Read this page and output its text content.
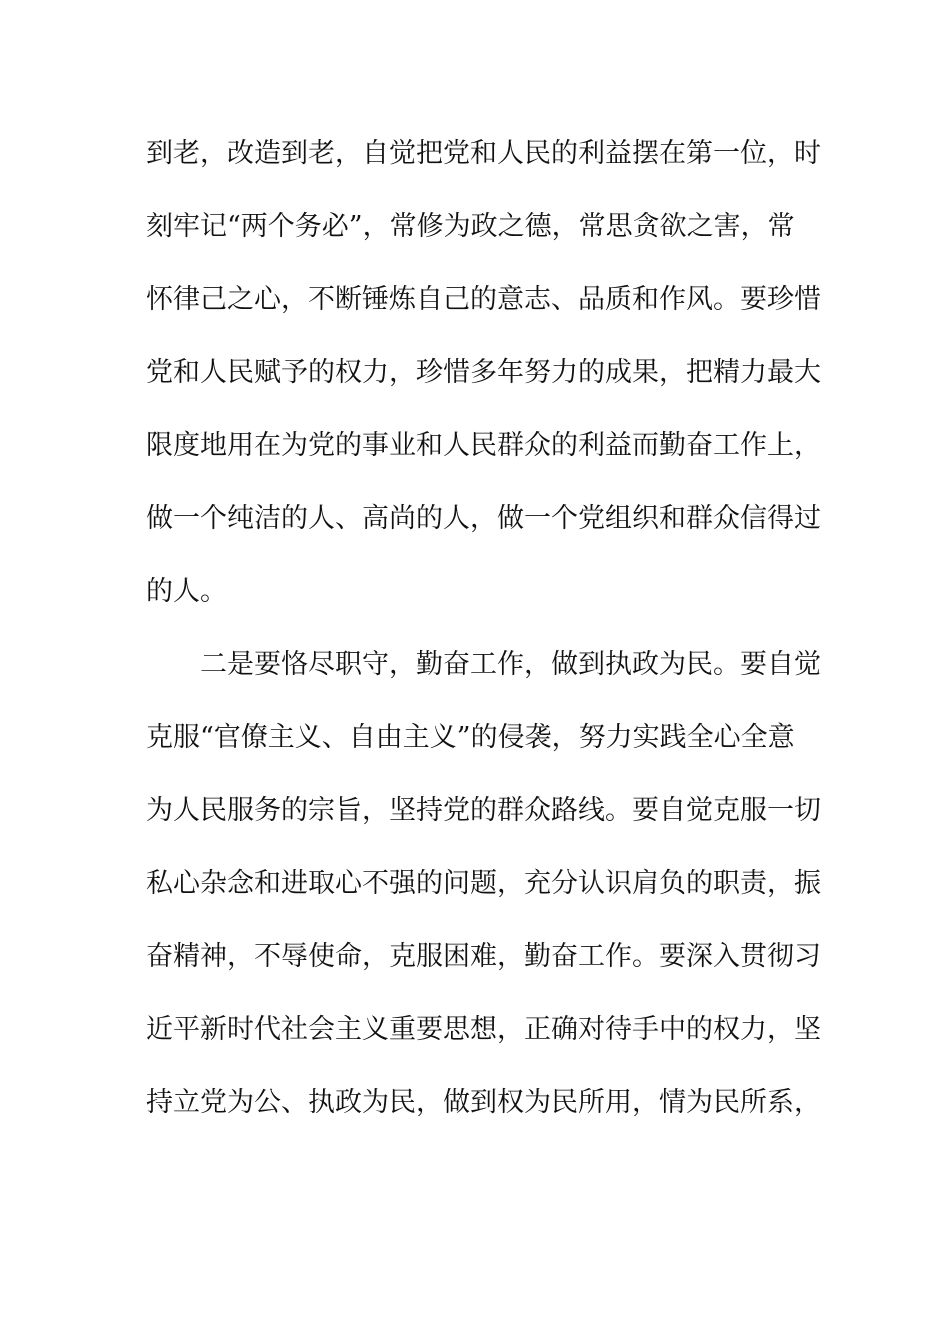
到老，改造到老，自觉把党和人民的利益摆在第一位，时
刻牢记“两个务必”，常修为政之德，常思贪欲之害，常
怀律己之心，不断锤炼自己的意志、品质和作风。要珍惜
党和人民赋予的权力，珍惜多年努力的成果，把精力最大
限度地用在为党的事业和人民群众的利益而勤奋工作上，
做一个纯洁的人、高尚的人，做一个党组织和群众信得过
的人。
二是要恪尽职守，勤奋工作，做到执政为民。要自觉
克服“官僚主义、自由主义”的侵袭，努力实践全心全意
为人民服务的宗旨，坚持党的群众路线。要自觉克服一切
私心杂念和进取心不强的问题，充分认识肩负的职责，振
奋精神，不辱使命，克服困难，勤奋工作。要深入贯彻习
近平新时代社会主义重要思想，正确对待手中的权力，坚
持立党为公、执政为民，做到权为民所用，情为民所系，
